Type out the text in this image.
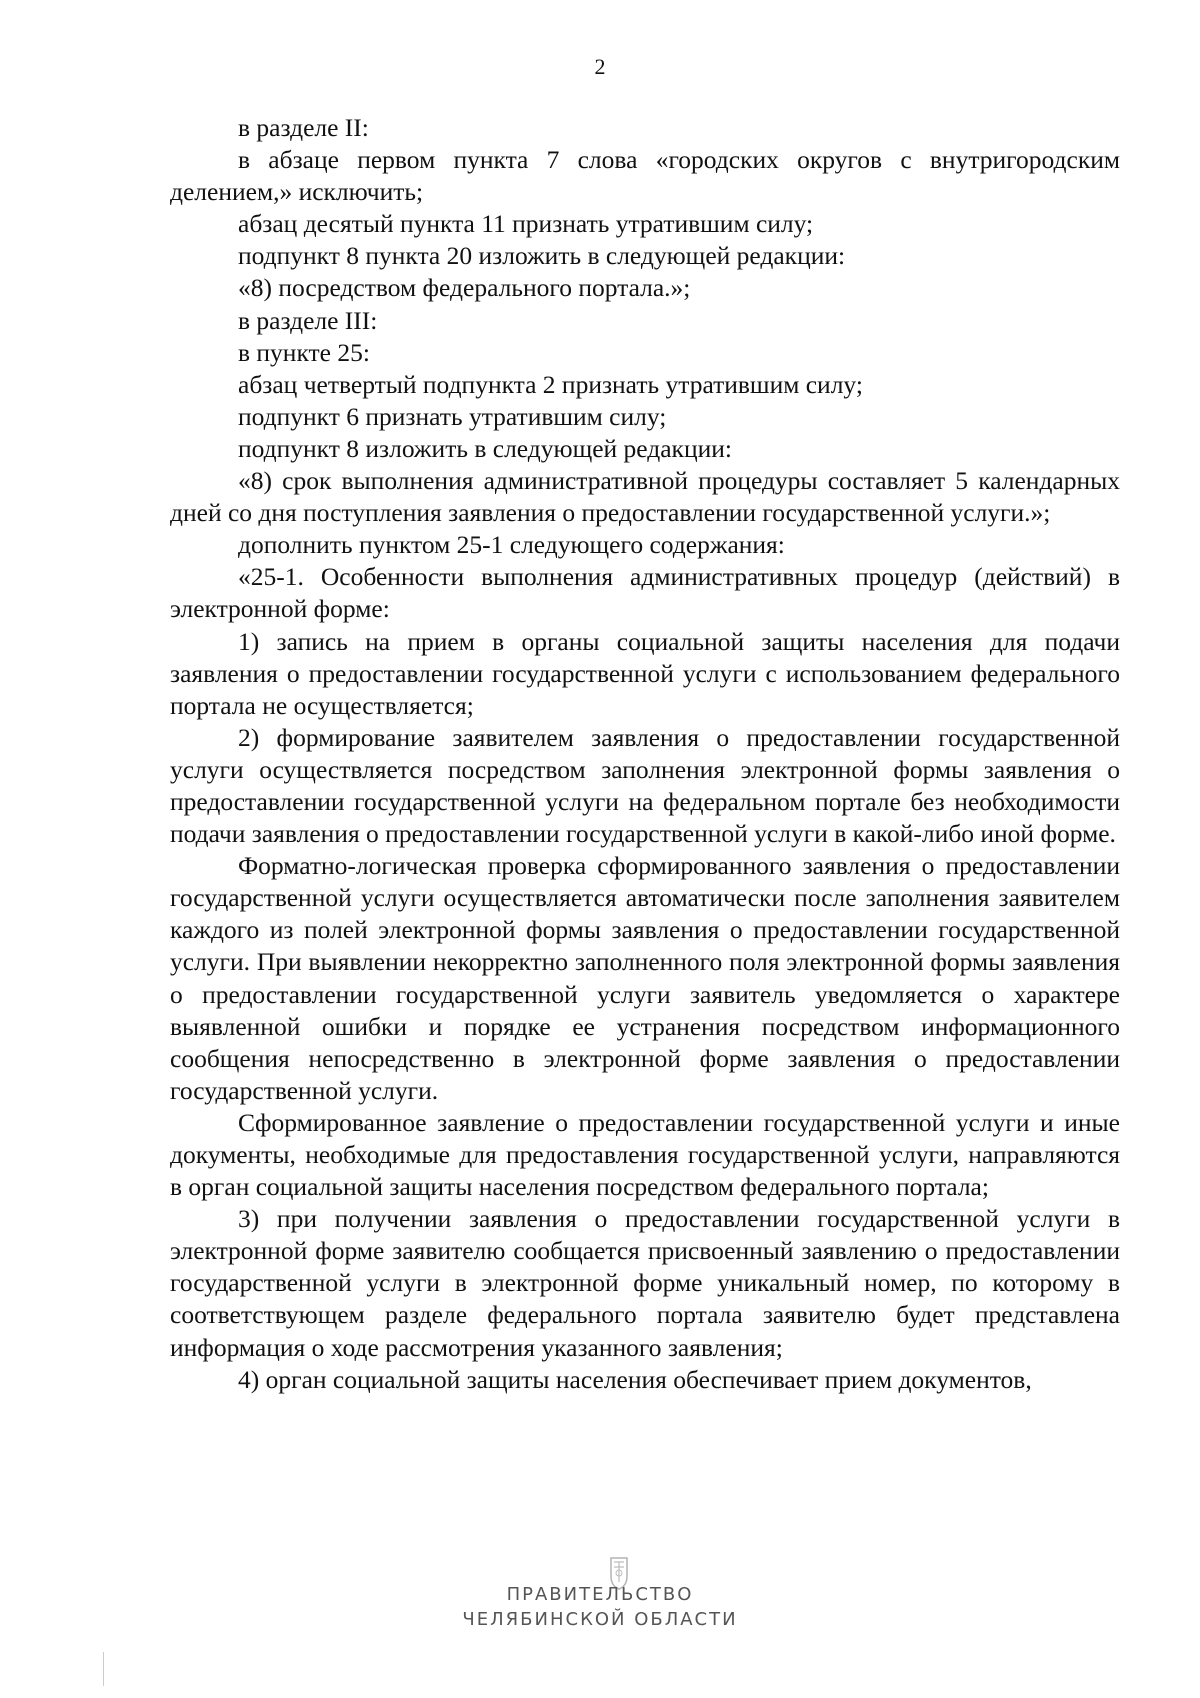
2

в разделе II:

в абзаце первом пункта 7 слова «городских округов с внутригородским делением,» исключить;

абзац десятый пункта 11 признать утратившим силу;

подпункт 8 пункта 20 изложить в следующей редакции:

«8) посредством федерального портала.»;

в разделе III:

в пункте 25:

абзац четвертый подпункта 2 признать утратившим силу;

подпункт 6 признать утратившим силу;

подпункт 8 изложить в следующей редакции:

«8) срок выполнения административной процедуры составляет 5 календарных дней со дня поступления заявления о предоставлении государственной услуги.»;

дополнить пунктом 25-1 следующего содержания:

«25-1. Особенности выполнения административных процедур (действий) в электронной форме:

1) запись на прием в органы социальной защиты населения для подачи заявления о предоставлении государственной услуги с использованием федерального портала не осуществляется;

2) формирование заявителем заявления о предоставлении государственной услуги осуществляется посредством заполнения электронной формы заявления о предоставлении государственной услуги на федеральном портале без необходимости подачи заявления о предоставлении государственной услуги в какой-либо иной форме.

Форматно-логическая проверка сформированного заявления о предоставлении государственной услуги осуществляется автоматически после заполнения заявителем каждого из полей электронной формы заявления о предоставлении государственной услуги. При выявлении некорректно заполненного поля электронной формы заявления о предоставлении государственной услуги заявитель уведомляется о характере выявленной ошибки и порядке ее устранения посредством информационного сообщения непосредственно в электронной форме заявления о предоставлении государственной услуги.

Сформированное заявление о предоставлении государственной услуги и иные документы, необходимые для предоставления государственной услуги, направляются в орган социальной защиты населения посредством федерального портала;

3) при получении заявления о предоставлении государственной услуги в электронной форме заявителю сообщается присвоенный заявлению о предоставлении государственной услуги в электронной форме уникальный номер, по которому в соответствующем разделе федерального портала заявителю будет представлена информация о ходе рассмотрения указанного заявления;

4) орган социальной защиты населения обеспечивает прием документов,

ПРАВИТЕЛЬСТВО
ЧЕЛЯБИНСКОЙ ОБЛАСТИ
